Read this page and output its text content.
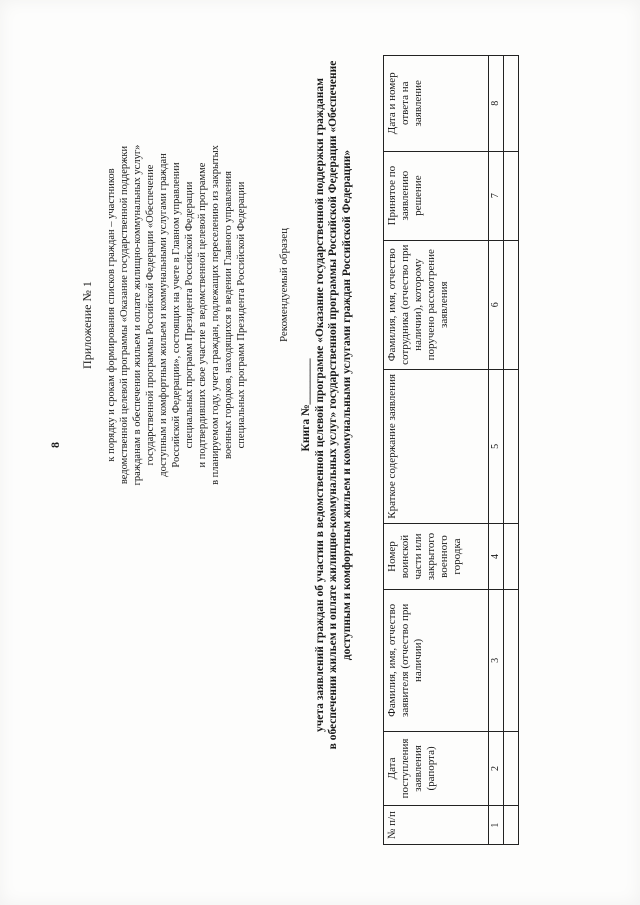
8
Приложение № 1 к порядку и срокам формирования списков граждан – участников ведомственной целевой программы «Оказание государственной поддержки гражданам в обеспечении жильем и оплате жилищно-коммунальных услуг» государственной программы Российской Федерации «Обеспечение доступным и комфортным жильем и коммунальными услугами граждан Российской Федерации», состоящих на учете в Главном управлении специальных программ Президента Российской Федерации и подтвердивших свое участие в ведомственной целевой программе в планируемом году, учета граждан, подлежащих переселению из закрытых военных городков, находящихся в ведении Главного управления специальных программ Президента Российской Федерации	Рекомендуемый образец
Книга №________ учета заявлений граждан об участии в ведомственной целевой программе «Оказание государственной поддержки гражданам в обеспечении жильем и оплате жилищно-коммунальных услуг» государственной программы Российской Федерации «Обеспечение доступным и комфортным жильем и коммунальными услугами граждан Российской Федерации»
№ п/п	Дата поступления заявления (рапорта)	Фамилия, имя, отчество заявителя (отчество при наличии)	Номер воинской части или закрытого военного городка	Краткое содержание заявления	Фамилия, имя, отчество сотрудника (отчество при наличии), которому поручено рассмотрение заявления	Принятое по заявлению решение	Дата и номер ответа на заявление
1	2	3	4	5	6	7	8
